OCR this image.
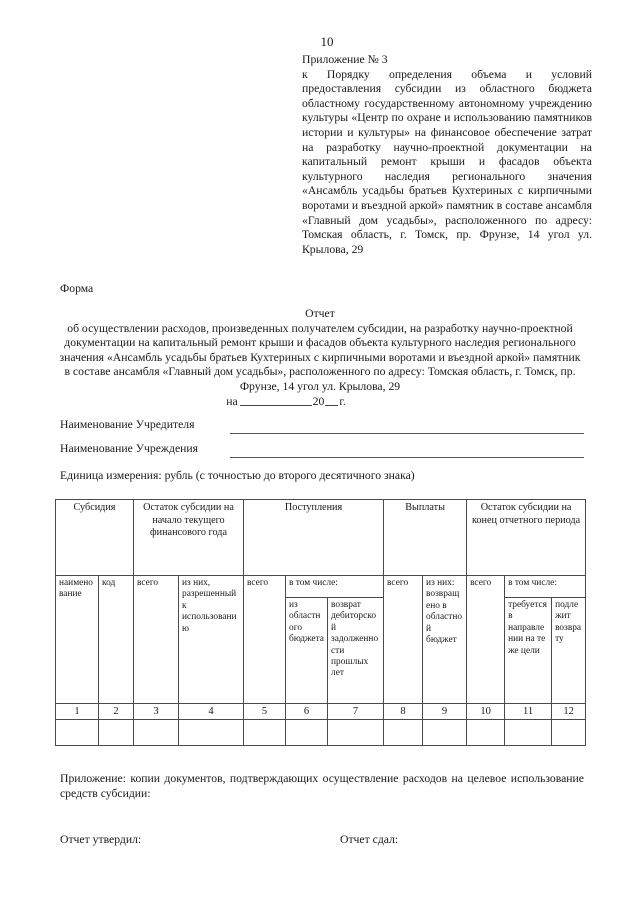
10
Приложение № 3
к Порядку определения объема и условий предоставления субсидии из областного бюджета областному государственному автономному учреждению культуры «Центр по охране и использованию памятников истории и культуры» на финансовое обеспечение затрат на разработку научно-проектной документации на капитальный ремонт крыши и фасадов объекта культурного наследия регионального значения «Ансамбль усадьбы братьев Кухтериных с кирпичными воротами и въездной аркой» памятник в составе ансамбля «Главный дом усадьбы», расположенного по адресу: Томская область, г. Томск, пр. Фрунзе, 14 угол ул. Крылова, 29
Форма
Отчет
об осуществлении расходов, произведенных получателем субсидии, на разработку научно-проектной документации на капитальный ремонт крыши и фасадов объекта культурного наследия регионального значения «Ансамбль усадьбы братьев Кухтериных с кирпичными воротами и въездной аркой» памятник в составе ансамбля «Главный дом усадьбы», расположенного по адресу: Томская область, г. Томск, пр. Фрунзе, 14 угол ул. Крылова, 29
на	20 г.
Наименование Учредителя
Наименование Учреждения
Единица измерения: рубль (с точностью до второго десятичного знака)
Субсидия		Остаток субсидии на начало текущего финансового года		Поступления			Выплаты		Остаток субсидии на конец отчетного периода		
наименование	код	всего	из них, разрешенный к использованию	всего	в том числе:		всего	из них: возвращено в областной бюджет	всего	в том числе:	
					из областного бюджета	возврат дебиторской задолженности прошлых лет				требуется в направлении на те же цели	подлежит возврату
1	2	3	4	5	6	7	8	9	10	11	12

Приложение: копии документов, подтверждающих осуществление расходов на целевое использование средств субсидии:
Отчет утвердил:	Отчет сдал:
